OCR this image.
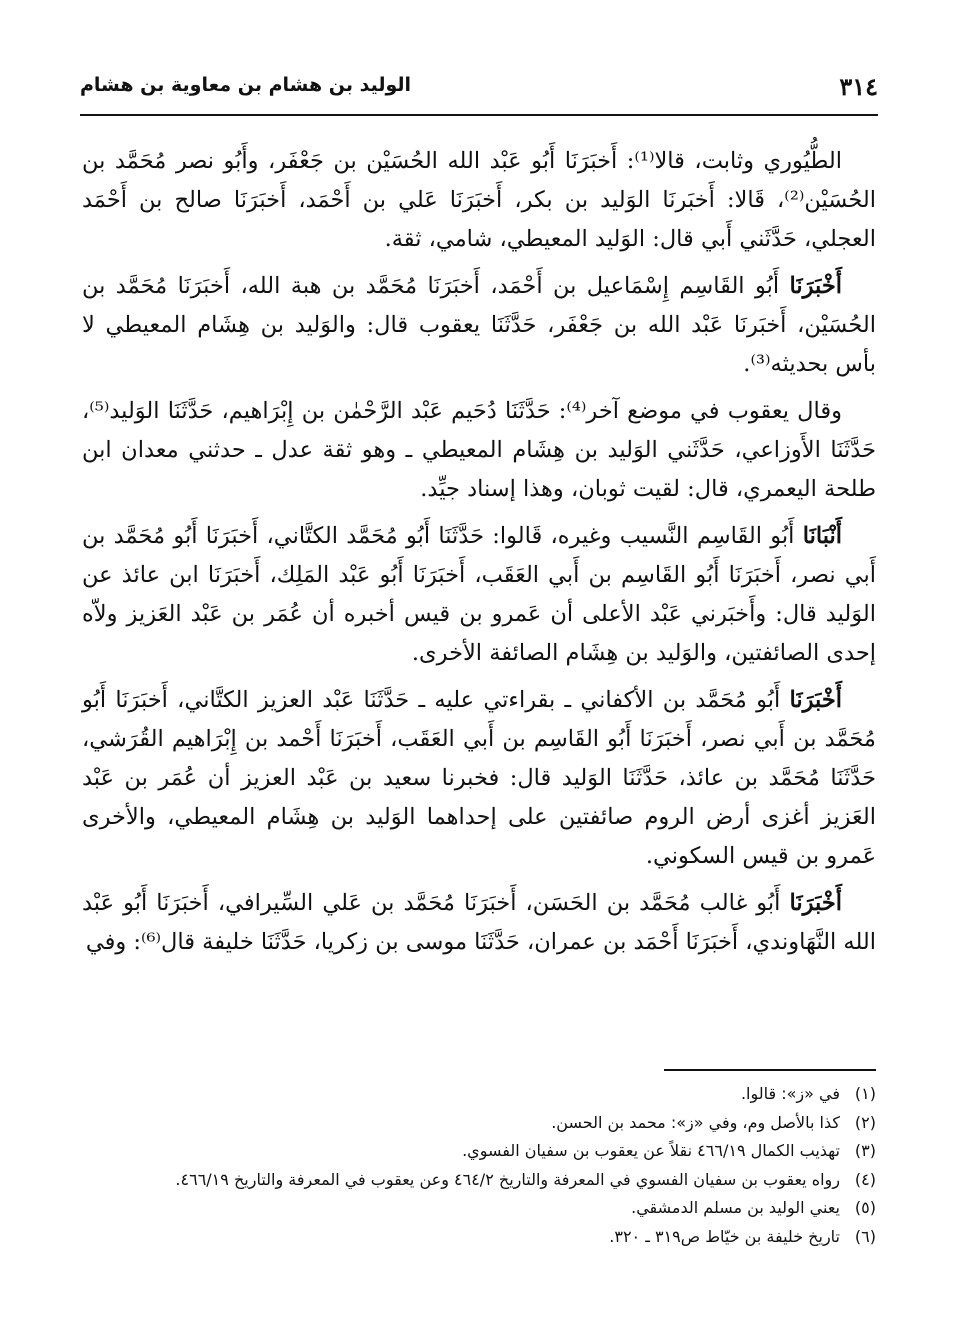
٣١٤
الوليد بن هشام بن معاوية بن هشام

الطُّيُوري وثابت، قالا⁽¹⁾: أَخبَرَنَا أَبُو عَبْد الله الحُسَيْن بن جَعْفَر، وأَبُو نصر مُحَمَّد بن الحُسَيْن⁽²⁾، قَالا: أَخبَرنَا الوَليد بن بكر، أَخبَرَنَا عَلي بن أَحْمَد، أَخبَرَنَا صالح بن أَحْمَد العجلي، حَدَّثَني أَبي قال: الوَليد المعيطي، شامي، ثقة.

أَخْبَرَنَا أَبُو القَاسِم إِسْمَاعيل بن أَحْمَد، أَخبَرَنَا مُحَمَّد بن هبة الله، أَخبَرَنَا مُحَمَّد بن الحُسَيْن، أَخبَرنَا عَبْد الله بن جَعْفَر، حَدَّثَنَا يعقوب قال: والوَليد بن هِشَام المعيطي لا بأس بحديثه⁽³⁾.

وقال يعقوب في موضع آخر⁽⁴⁾: حَدَّثَنَا دُحَيم عَبْد الرَّحْمٰن بن إِبْرَاهيم، حَدَّثَنَا الوَليد⁽⁵⁾، حَدَّثَنَا الأَوزاعي، حَدَّثَني الوَليد بن هِشَام المعيطي ـ وهو ثقة عدل ـ حدثني معدان ابن طلحة اليعمري، قال: لقيت ثوبان، وهذا إسناد جيِّد.

أَنْبَانَا أَبُو القَاسِم النَّسيب وغيره، قَالوا: حَدَّثَنَا أَبُو مُحَمَّد الكتَّاني، أَخبَرَنَا أَبُو مُحَمَّد بن أَبي نصر، أَخبَرَنَا أَبُو القَاسِم بن أَبي العَقَب، أَخبَرَنَا أَبُو عَبْد المَلِك، أَخبَرَنَا ابن عائذ عن الوَليد قال: وأَخبَرني عَبْد الأعلى أن عَمرو بن قيس أخبره أن عُمَر بن عَبْد العَزيز ولاّه إحدى الصائفتين، والوَليد بن هِشَام الصائفة الأخرى.

أَخْبَرَنَا أَبُو مُحَمَّد بن الأكفاني ـ بقراءتي عليه ـ حَدَّثَنَا عَبْد العزيز الكتَّاني، أَخبَرَنَا أَبُو مُحَمَّد بن أَبي نصر، أَخبَرَنَا أَبُو القَاسِم بن أَبي العَقَب، أَخبَرَنَا أَحْمد بن إِبْرَاهيم القُرَشي، حَدَّثَنَا مُحَمَّد بن عائذ، حَدَّثَنَا الوَليد قال: فخبرنا سعيد بن عَبْد العزيز أن عُمَر بن عَبْد العَزيز أغزى أرض الروم صائفتين على إحداهما الوَليد بن هِشَام المعيطي، والأخرى عَمرو بن قيس السكوني.

أَخْبَرَنَا أَبُو غالب مُحَمَّد بن الحَسَن، أَخبَرَنَا مُحَمَّد بن عَلي السِّيرافي، أَخبَرَنَا أَبُو عَبْد الله النَّهَاوندي، أَخبَرَنَا أَحْمَد بن عمران، حَدَّثَنَا موسى بن زكريا، حَدَّثَنَا خليفة قال⁽⁶⁾: وفي

(١)في «ز»: قالوا.
(٢)كذا بالأصل وم، وفي «ز»: محمد بن الحسن.
(٣)تهذيب الكمال ٤٦٦/١٩ نقلاً عن يعقوب بن سفيان الفسوي.
(٤)رواه يعقوب بن سفيان الفسوي في المعرفة والتاريخ ٤٦٤/٢ وعن يعقوب في المعرفة والتاريخ ٤٦٦/١٩.
(٥)يعني الوليد بن مسلم الدمشقي.
(٦)تاريخ خليفة بن خيّاط ص٣١٩ ـ ٣٢٠.
